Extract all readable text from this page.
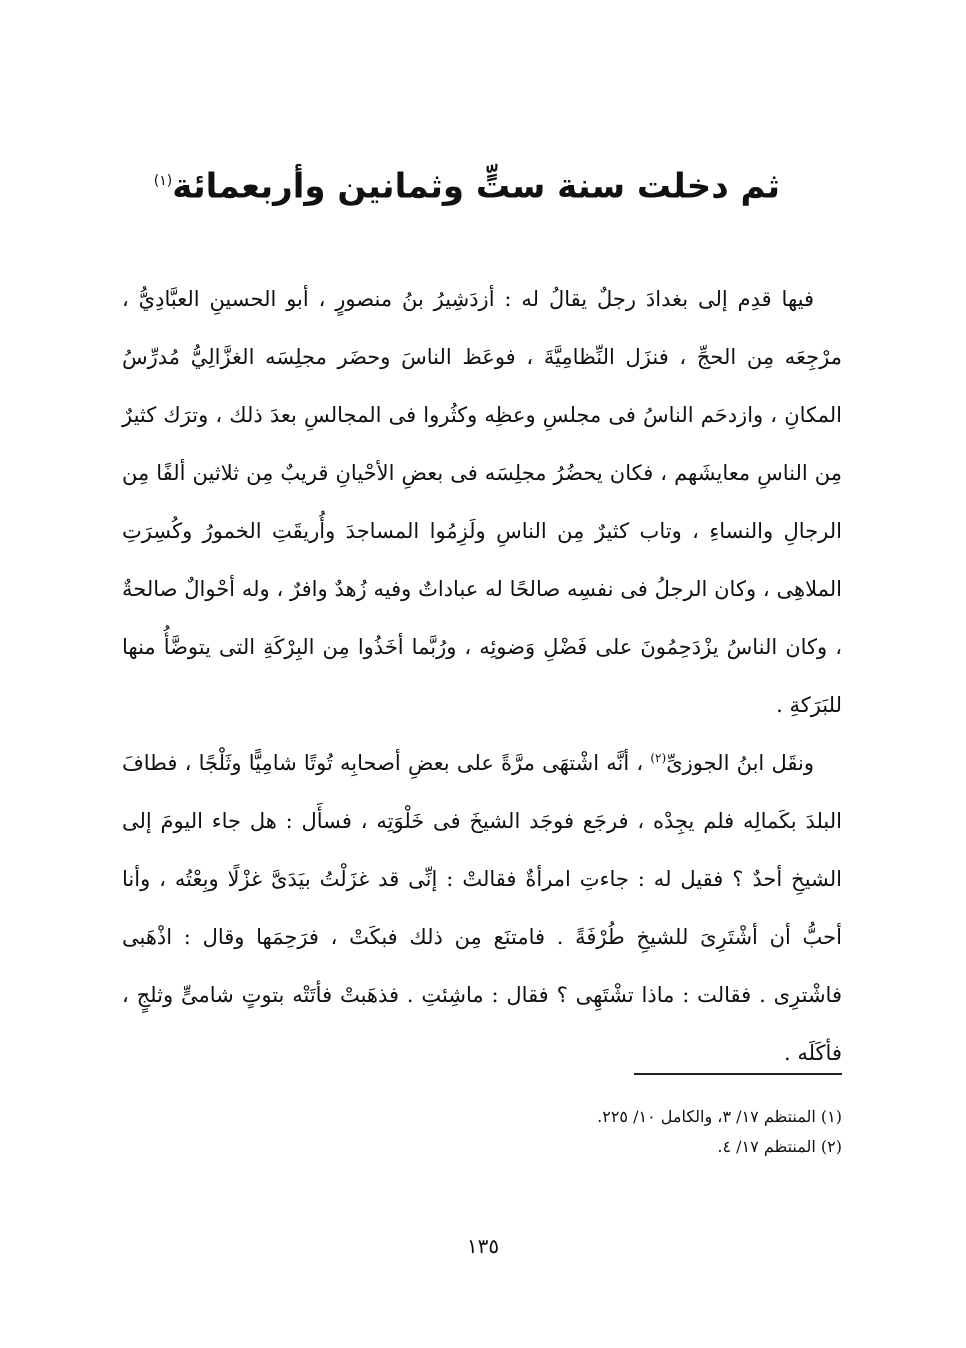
ثم دخلت سنة ستٍّ وثمانين وأربعمائة$^{(١)}$

فيها قدِم إلى بغدادَ رجلٌ يقالُ له : أزدَشِيرُ بنُ منصورٍ ، أبو الحسينِ العبَّادِيُّ ، مرْجِعَه مِن الحجِّ ، فنزَل النِّظامِيَّةَ ، فوعَظ الناسَ وحضَر مجلِسَه الغزَّالِيُّ مُدرِّسُ المكانِ ، وازدحَم الناسُ فى مجلسِ وعظِه وكثُروا فى المجالسِ بعدَ ذلك ، وترَك كثيرٌ مِن الناسِ معايشَهم ، فكان يحضُرُ مجلِسَه فى بعضِ الأحْيانِ قريبٌ مِن ثلاثين ألفًا مِن الرجالِ والنساءِ ، وتاب كثيرٌ مِن الناسِ ولَزِمُوا المساجدَ وأُريقَتِ الخمورُ وكُسِرَتِ الملاهِى ، وكان الرجلُ فى نفسِه صالحًا له عباداتٌ وفيه زُهدٌ وافرٌ ، وله أحْوالٌ صالحةٌ ، وكان الناسُ يزْدَحِمُونَ على فَضْلِ وَضوئِه ، ورُبَّما أخَذُوا مِن البِرْكَةِ التى يتوضَّأُ منها للبَرَكةِ .

ونقَل ابنُ الجوزىِّ$^{(٢)}$ ، أنَّه اشْتهَى مرَّةً على بعضِ أصحابِه تُوتًا شامِيًّا وثَلْجًا ، فطافَ البلدَ بكَمالِه فلم يجِدْه ، فرجَع فوجَد الشيخَ فى خَلْوَتِه ، فسأَل : هل جاء اليومَ إلى الشيخِ أحدٌ ؟ فقيل له : جاءتِ امرأةٌ فقالتْ : إنِّى قد غزَلْتُ بيَدَىَّ غزْلًا وبِعْتُه ، وأنا أحبُّ أن أشْتَرِىَ للشيخِ طُرْفَةً . فامتنَع مِن ذلك فبكَتْ ، فرَحِمَها وقال : اذْهَبى فاشْترِى . فقالت : ماذا تشْتَهِى ؟ فقال : ماشِئتِ . فذهَبتْ فأتَتْه بتوتٍ شامىٍّ وثلجٍ ، فأكَلَه .

(١) المنتظم ١٧/ ٣، والكامل ١٠/ ٢٢٥.

(٢) المنتظم ١٧/ ٤.

١٣٥
